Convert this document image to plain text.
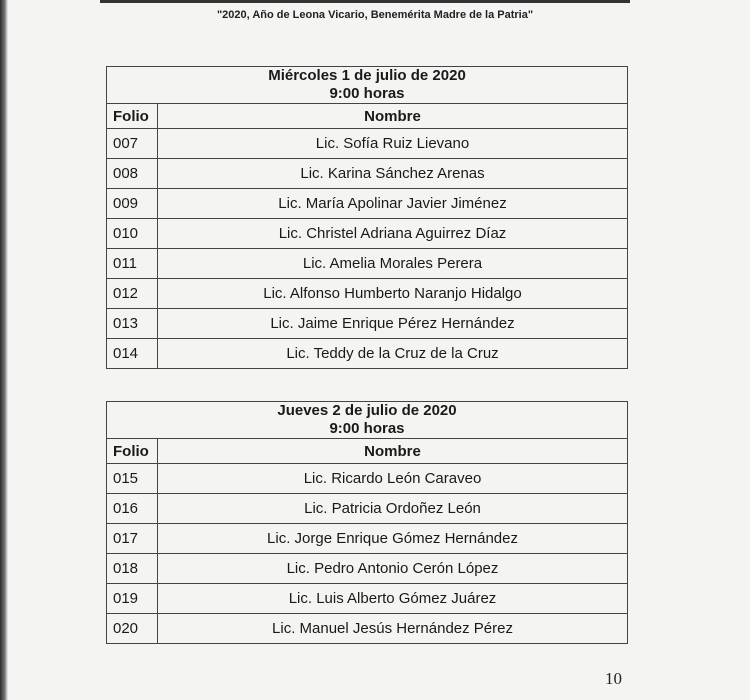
"2020, Año de Leona Vicario, Benemérita Madre de la Patria"
Miércoles 1 de julio de 2020
9:00 horas	

Folio	Nombre
007	Lic. Sofía Ruiz Lievano
008	Lic. Karina Sánchez Arenas
009	Lic. María Apolinar Javier Jiménez
010	Lic. Christel Adriana Aguirrez Díaz
011	Lic. Amelia Morales Perera
012	Lic. Alfonso Humberto Naranjo Hidalgo
013	Lic. Jaime Enrique Pérez Hernández
014	Lic. Teddy de la Cruz de la Cruz
Jueves 2 de julio de 2020
9:00 horas	

Folio	Nombre
015	Lic. Ricardo León Caraveo
016	Lic. Patricia Ordoñez León
017	Lic. Jorge Enrique Gómez Hernández
018	Lic. Pedro Antonio Cerón López
019	Lic. Luis Alberto Gómez Juárez
020	Lic. Manuel Jesús Hernández Pérez
10
